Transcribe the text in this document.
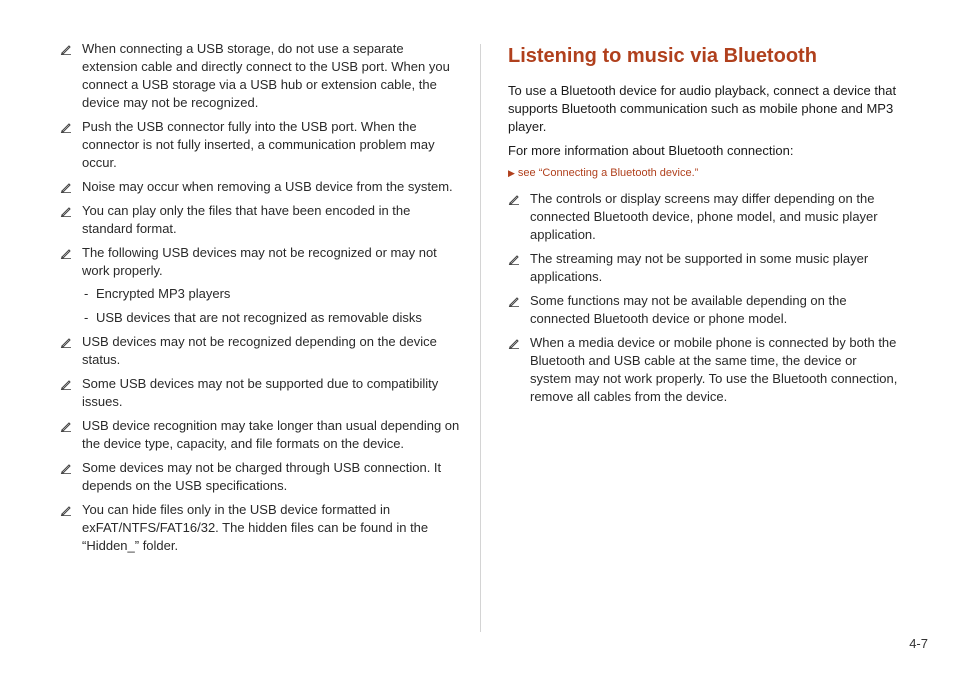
When connecting a USB storage, do not use a separate extension cable and directly connect to the USB port. When you connect a USB storage via a USB hub or extension cable, the device may not be recognized.
Push the USB connector fully into the USB port. When the connector is not fully inserted, a communication problem may occur.
Noise may occur when removing a USB device from the system.
You can play only the files that have been encoded in the standard format.
The following USB devices may not be recognized or may not work properly.
- Encrypted MP3 players
- USB devices that are not recognized as removable disks
USB devices may not be recognized depending on the device status.
Some USB devices may not be supported due to compatibility issues.
USB device recognition may take longer than usual depending on the device type, capacity, and file formats on the device.
Some devices may not be charged through USB connection. It depends on the USB specifications.
You can hide files only in the USB device formatted in exFAT/NTFS/FAT16/32. The hidden files can be found in the “Hidden_” folder.
Listening to music via Bluetooth

To use a Bluetooth device for audio playback, connect a device that supports Bluetooth communication such as mobile phone and MP3 player.

For more information about Bluetooth connection:

▶ see “Connecting a Bluetooth device.”
The controls or display screens may differ depending on the connected Bluetooth device, phone model, and music player application.
The streaming may not be supported in some music player applications.
Some functions may not be available depending on the connected Bluetooth device or phone model.
When a media device or mobile phone is connected by both the Bluetooth and USB cable at the same time, the device or system may not work properly. To use the Bluetooth connection, remove all cables from the device.
4-7
